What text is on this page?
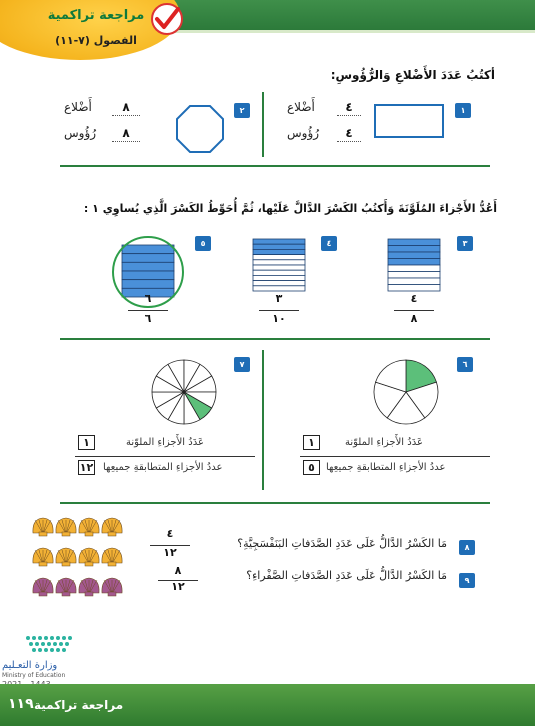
مراجعة تراكمية
الفصول (٧-١١)
أكتُبُ عَدَدَ الأَضْلاعِ وَالرُّؤُوسِ:
١
٤
أَضْلاع
٤
رُؤُوس
٢
٨
أَضْلاع
٨
رُؤُوس
أَعُدُّ الأَجْزاءَ المُلَوَّنَةَ وَأَكتُبُ الكَسْرَ الدَّالَّ عَلَيْها، ثُمَّ أُحَوِّطُ الكَسْرَ الَّذِي يُساوِي ١ :
٣
٤
٨
٤
٣
١٠
٥
٦
٦
٦
عَدَدُ الأَجزاءِ الملوّنة
١
عددُ الأجزاءِ المتطابقةِ جميعِها
٥
٧
عَدَدُ الأَجزاءِ الملوّنة
١
عددُ الأجزاءِ المتطابقةِ جميعِها
١٢
٨
مَا الكَسْرُ الدَّالُّ عَلَى عَدَدِ الصَّدَفاتِ البَنَفْسَجِيَّةِ؟
٤
١٢
٩
مَا الكَسْرُ الدَّالُّ عَلَى عَدَدِ الصَّدَفاتِ الصَّفْراءِ؟
٨
١٢
وزارة التعـليم
Ministry of Education
مراجعة تراكمية
١١٩
